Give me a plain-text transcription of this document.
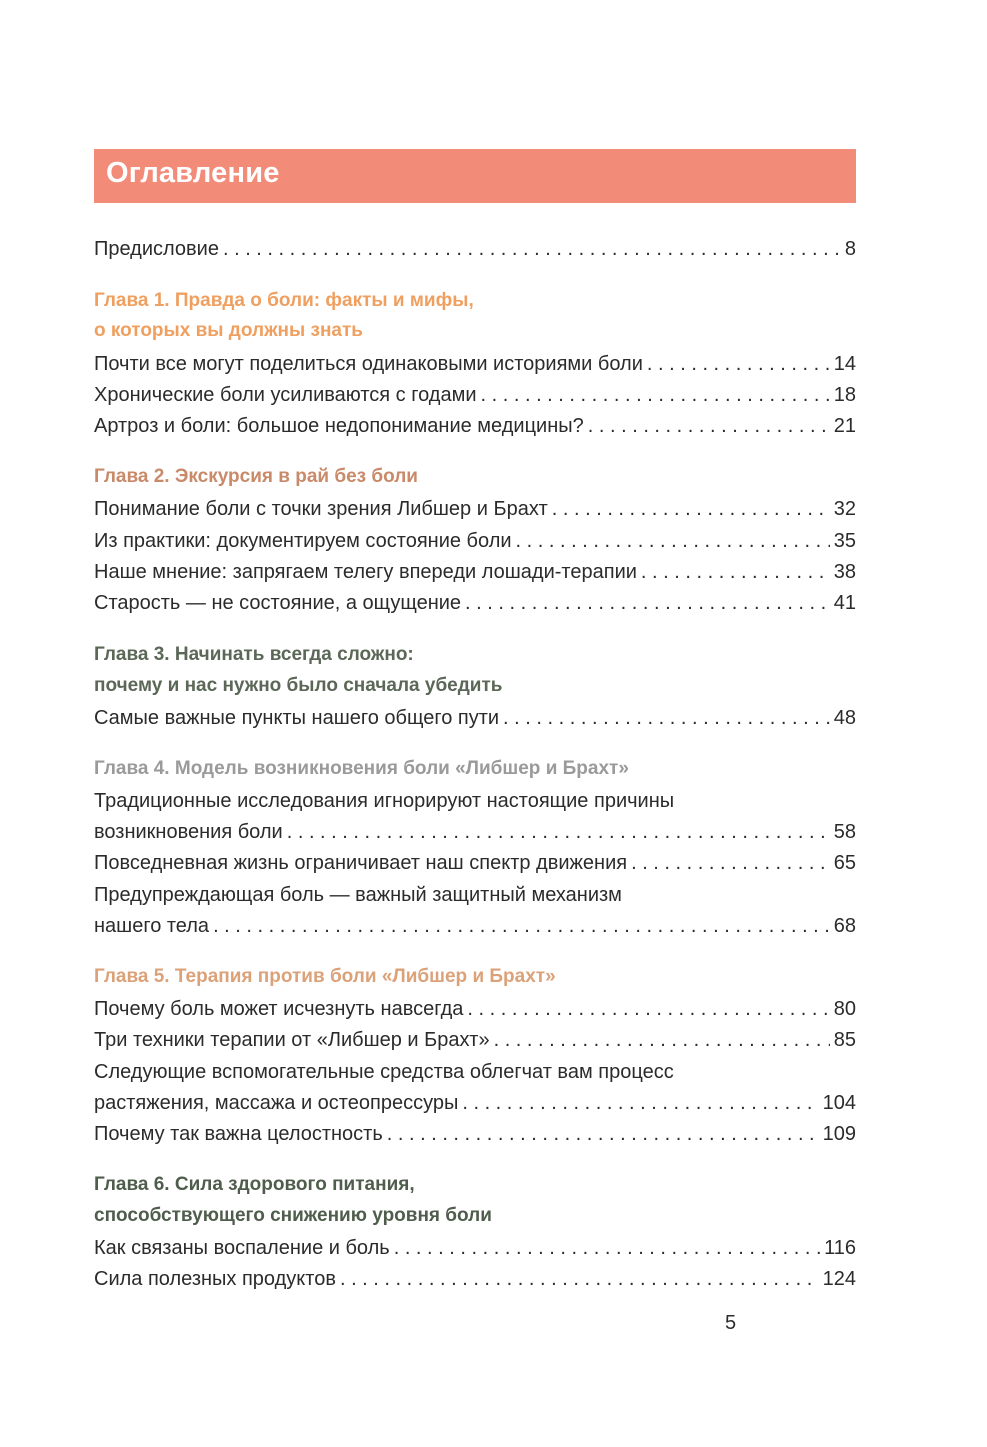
Оглавление
Предисловие . . .	8
Глава 1. Правда о боли: факты и мифы,
о которых вы должны знать
Почти все могут поделиться одинаковыми историями боли . . .	14
Хронические боли усиливаются с годами . . .	18
Артроз и боли: большое недопонимание медицины? . . .	21
Глава 2. Экскурсия в рай без боли
Понимание боли с точки зрения Либшер и Брахт . . .	32
Из практики: документируем состояние боли . . .	35
Наше мнение: запрягаем телегу впереди лошади-терапии . . .	38
Старость — не состояние, а ощущение . . .	41
Глава 3. Начинать всегда сложно:
почему и нас нужно было сначала убедить
Самые важные пункты нашего общего пути . . .	48
Глава 4. Модель возникновения боли «Либшер и Брахт»
Традиционные исследования игнорируют настоящие причины
возникновения боли . . .	58
Повседневная жизнь ограничивает наш спектр движения . . .	65
Предупреждающая боль — важный защитный механизм
нашего тела . . .	68
Глава 5. Терапия против боли «Либшер и Брахт»
Почему боль может исчезнуть навсегда . . .	80
Три техники терапии от «Либшер и Брахт» . . .	85
Следующие вспомогательные средства облегчат вам процесс
растяжения, массажа и остеопрессуры . . .	104
Почему так важна целостность . . .	109
Глава 6. Сила здорового питания,
способствующего снижению уровня боли
Как связаны воспаление и боль . . .	116
Сила полезных продуктов . . .	124
5
